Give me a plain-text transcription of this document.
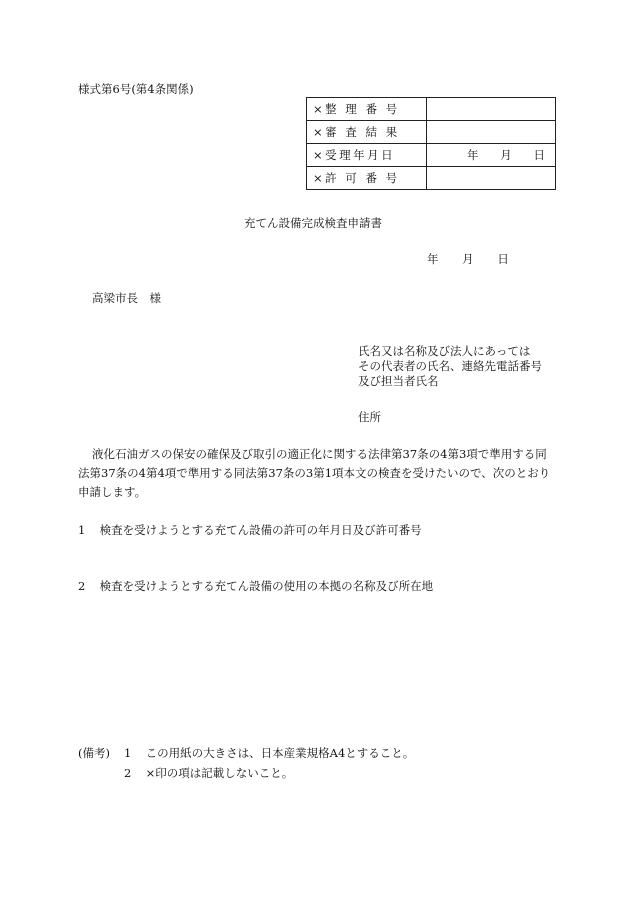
様式第6号(第4条関係)
×整 理 番 号	
×審 査 結 果	
×受理年月日	年 月 日

×許 可 番 号	
充てん設備完成検査申請書
年 月 日
高梁市長　様
氏名又は名称及び法人にあっては
その代表者の氏名、連絡先電話番号
及び担当者氏名
住所
液化石油ガスの保安の確保及び取引の適正化に関する法律第37条の4第3項で準用する同
法第37条の4第4項で準用する同法第37条の3第1項本文の検査を受けたいので、次のとおり
申請します。
1 検査を受けようとする充てん設備の許可の年月日及び許可番号
2 検査を受けようとする充てん設備の使用の本拠の名称及び所在地
(備考) 1 この用紙の大きさは、日本産業規格A4とすること。
2 ×印の項は記載しないこと。
